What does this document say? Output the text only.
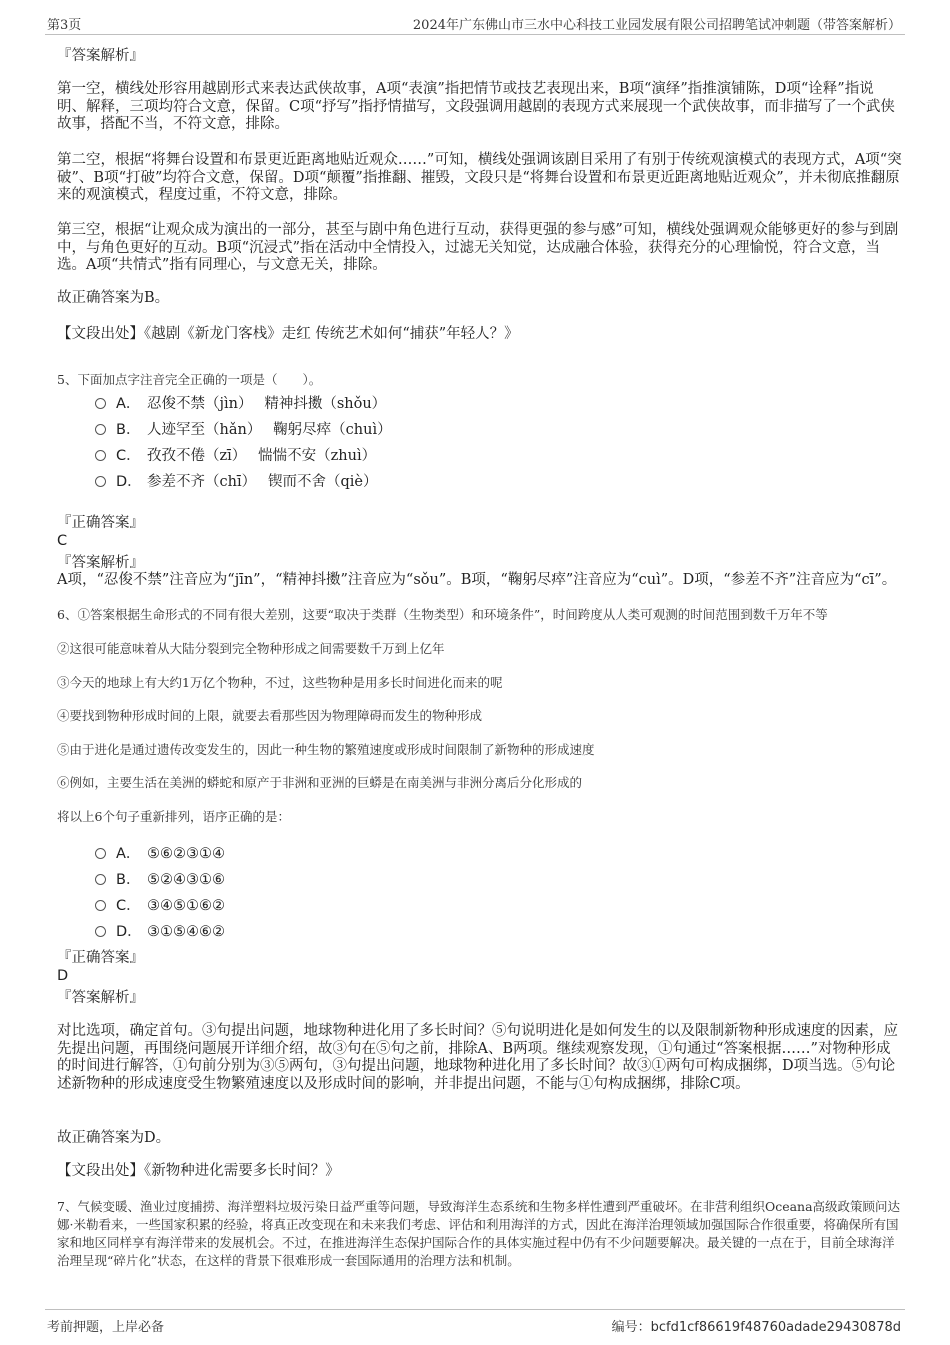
第3页	2024年广东佛山市三水中心科技工业园发展有限公司招聘笔试冲刺题（带答案解析）

『答案解析』

第一空，横线处形容用越剧形式来表达武侠故事，A项“表演”指把情节或技艺表现出来，B项“演绎”指推演铺陈，D项“诠释”指说明、解释，三项均符合文意，保留。C项“抒写”指抒情描写，文段强调用越剧的表现方式来展现一个武侠故事，而非描写了一个武侠故事，搭配不当，不符文意，排除。

第二空，根据“将舞台设置和布景更近距离地贴近观众……”可知，横线处强调该剧目采用了有别于传统观演模式的表现方式，A项“突破”、B项“打破”均符合文意，保留。D项“颠覆”指推翻、摧毁，文段只是“将舞台设置和布景更近距离地贴近观众”，并未彻底推翻原来的观演模式，程度过重，不符文意，排除。

第三空，根据“让观众成为演出的一部分，甚至与剧中角色进行互动，获得更强的参与感”可知，横线处强调观众能够更好的参与到剧中，与角色更好的互动。B项“沉浸式”指在活动中全情投入，过滤无关知觉，达成融合体验，获得充分的心理愉悦，符合文意，当选。A项“共情式”指有同理心，与文意无关，排除。

故正确答案为B。

【文段出处】《越剧《新龙门客栈》走红 传统艺术如何“捕获”年轻人？》

5、下面加点字注音完全正确的一项是（　　）。

A． 忍俊不禁（jìn）　 精神抖擞（shǒu）
B． 人迹罕至（hǎn）　 鞠躬尽瘁（chuì）
C． 孜孜不倦（zī）　 惴惴不安（zhuì）
D． 参差不齐（chī）　 锲而不舍（qiè）

『正确答案』

C

『答案解析』

A项，“忍俊不禁”注音应为“jīn”，“精神抖擞”注音应为“sǒu”。B项，“鞠躬尽瘁”注音应为“cuì”。D项，“参差不齐”注音应为“cī”。

6、①答案根据生命形式的不同有很大差别，这要“取决于类群（生物类型）和环境条件”，时间跨度从人类可观测的时间范围到数千万年不等

②这很可能意味着从大陆分裂到完全物种形成之间需要数千万到上亿年

③今天的地球上有大约1万亿个物种，不过，这些物种是用多长时间进化而来的呢

④要找到物种形成时间的上限，就要去看那些因为物理障碍而发生的物种形成

⑤由于进化是通过遗传改变发生的，因此一种生物的繁殖速度或形成时间限制了新物种的形成速度

⑥例如，主要生活在美洲的蟒蛇和原产于非洲和亚洲的巨蟒是在南美洲与非洲分离后分化形成的

将以上6个句子重新排列，语序正确的是：

A． ⑤⑥②③①④
B． ⑤②④③①⑥
C． ③④⑤①⑥②
D． ③①⑤④⑥②

『正确答案』

D

『答案解析』

对比选项，确定首句。③句提出问题，地球物种进化用了多长时间？⑤句说明进化是如何发生的以及限制新物种形成速度的因素，应先提出问题，再围绕问题展开详细介绍，故③句在⑤句之前，排除A、B两项。继续观察发现，①句通过“答案根据……”对物种形成的时间进行解答，①句前分别为③⑤两句，③句提出问题，地球物种进化用了多长时间？故③①两句可构成捆绑，D项当选。⑤句论述新物种的形成速度受生物繁殖速度以及形成时间的影响，并非提出问题，不能与①句构成捆绑，排除C项。

故正确答案为D。

【文段出处】《新物种进化需要多长时间？》

7、气候变暖、渔业过度捕捞、海洋塑料垃圾污染日益严重等问题，导致海洋生态系统和生物多样性遭到严重破坏。在非营利组织Oceana高级政策顾问达娜·米勒看来，一些国家积累的经验，将真正改变现在和未来我们考虑、评估和利用海洋的方式，因此在海洋治理领域加强国际合作很重要，将确保所有国家和地区同样享有海洋带来的发展机会。不过，在推进海洋生态保护国际合作的具体实施过程中仍有不少问题要解决。最关键的一点在于，目前全球海洋治理呈现“碎片化”状态，在这样的背景下很难形成一套国际通用的治理方法和机制。

考前押题，上岸必备	编号：bcfd1cf86619f48760adade29430878d
